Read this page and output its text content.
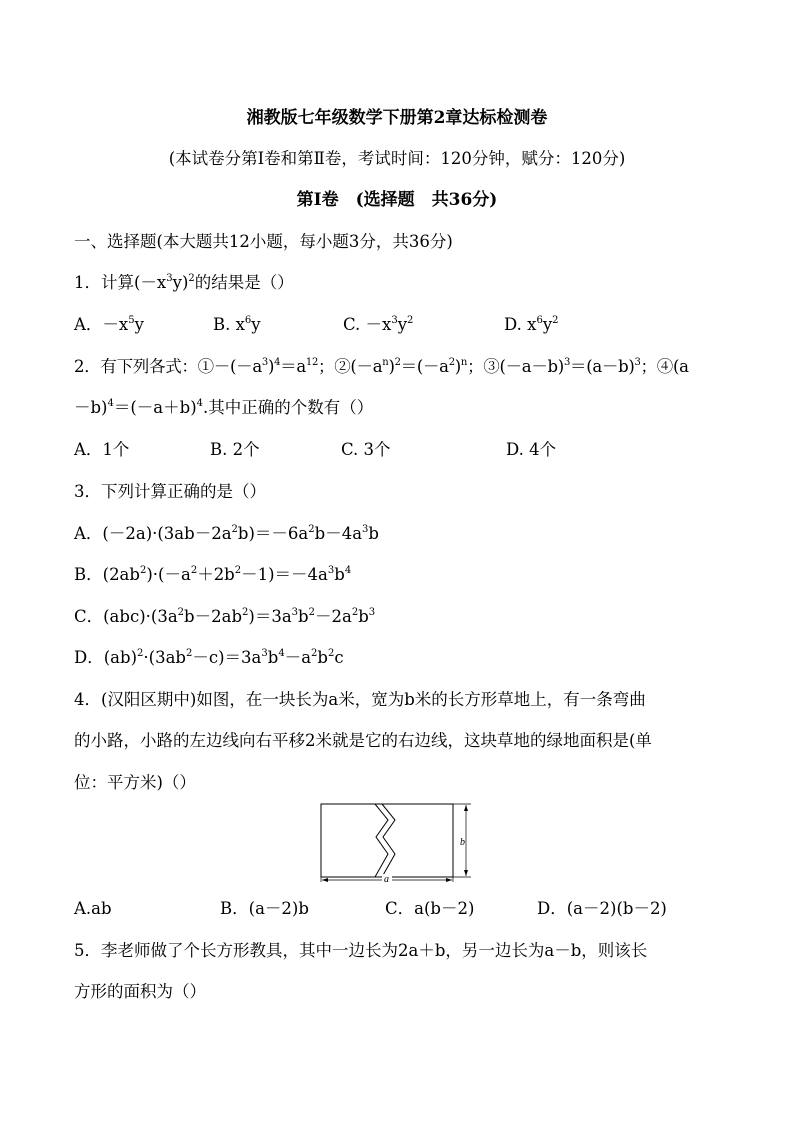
湘教版七年级数学下册第2章达标检测卷
(本试卷分第Ⅰ卷和第Ⅱ卷，考试时间：120分钟，赋分：120分)
第Ⅰ卷　(选择题　共36分)
一、选择题(本大题共12小题，每小题3分，共36分)
1．计算$(-x^3y)^2$的结果是（）
A．$-x^5y$	B. $x^6y$	C. $-x^3y^2$	D. $x^6y^2$
2．有下列各式：$①-(-a^3)^4=a^{12}$；$②(-a^n)^2=(-a^2)^n$；$③(-a-b)^3=(a-b)^3$；④(a
$-b)^4=(-a+b)^4$.其中正确的个数有（）
A．1个	B. 2个	C. 3个	D. 4个
3．下列计算正确的是（）
A．$(-2a)\cdot(3ab-2a^2b)=-6a^2b-4a^3b$
B．$(2ab^2)\cdot(-a^2+2b^2-1)=-4a^3b^4$
C．$(abc)\cdot(3a^2b-2ab^2)=3a^3b^2-2a^2b^3$
D．$(ab)^2\cdot(3ab^2-c)=3a^3b^4-a^2b^2c$
4．(汉阳区期中)如图，在一块长为a米，宽为b米的长方形草地上，有一条弯曲
的小路，小路的左边线向右平移2米就是它的右边线，这块草地的绿地面积是(单
位：平方米)（）
b
a
A.ab	B．(a－2)b	C．a(b－2)	D．(a－2)(b－2)
5．李老师做了个长方形教具，其中一边长为2a＋b，另一边长为a－b，则该长
方形的面积为（）
